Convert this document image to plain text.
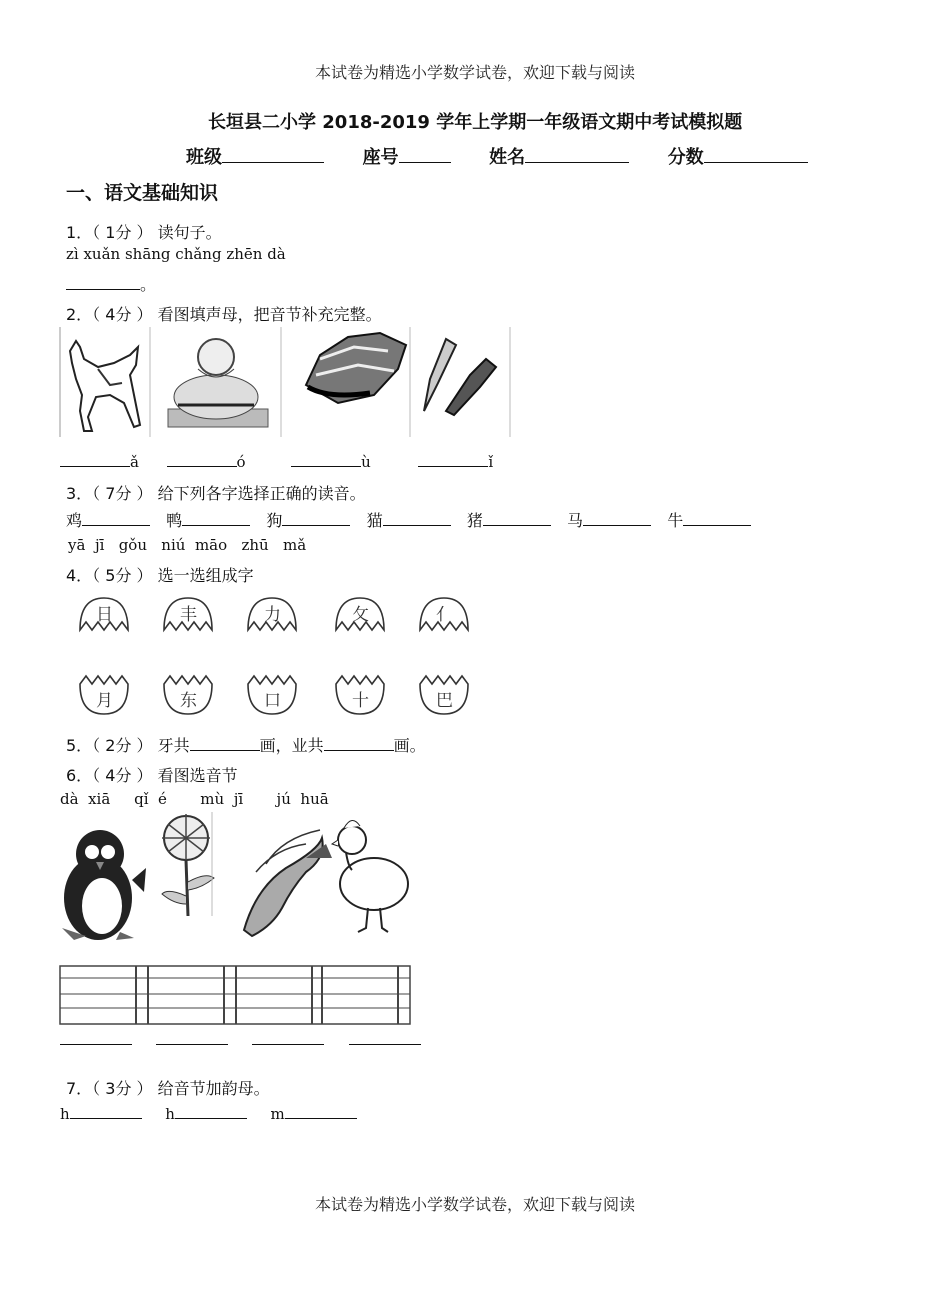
本试卷为精选小学数学试卷，欢迎下载与阅读
长垣县二小学 2018-2019 学年上学期一年级语文期中考试模拟题
班级	座号	姓名	分数
一、语文基础知识
1．（ 1分 ） 读句子。
zì xuǎn shāng chǎng zhēn dà
。
2．（ 4分 ） 看图填声母，把音节补充完整。
ǎ	ó	ù	ǐ
3．（ 7分 ） 给下列各字选择正确的读音。
鸡	鸭	狗	猫	猪	马	牛
yā  jī   gǒu   niú  māo   zhū   mǎ
4．（ 5分 ） 选一选组成字
日	丰	力	攵	亻
月	东	口	十	巴
5．（ 2分 ） 牙共	画，业共	画。
6．（ 4分 ） 看图选音节
dà  xiā     qǐ  é       mù  jī       jú  huā

7．（ 3分 ） 给音节加韵母。
h	h	m
本试卷为精选小学数学试卷，欢迎下载与阅读
